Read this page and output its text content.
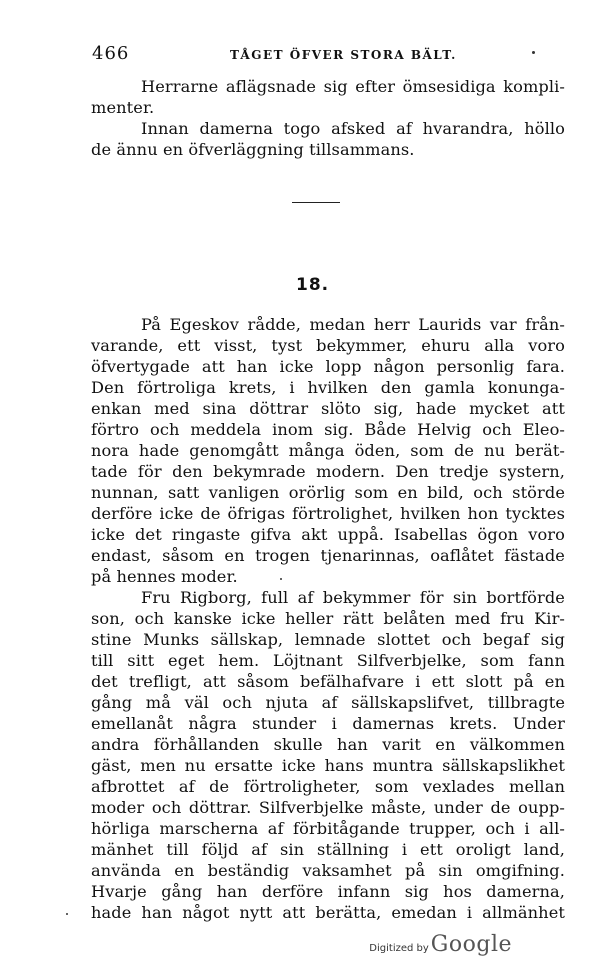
466	TÅGET ÖFVER STORA BÄLT.
Herrarne aflägsnade sig efter ömsesidiga kompli-
menter.
Innan damerna togo afsked af hvarandra, höllo
de ännu en öfverläggning tillsammans.
18.
På Egeskov rådde, medan herr Laurids var från-
varande, ett visst, tyst bekymmer, ehuru alla voro
öfvertygade att han icke lopp någon personlig fara.
Den förtroliga krets, i hvilken den gamla konunga-
enkan med sina döttrar slöto sig, hade mycket att
förtro och meddela inom sig. Både Helvig och Eleo-
nora hade genomgått många öden, som de nu berät-
tade för den bekymrade modern. Den tredje systern,
nunnan, satt vanligen orörlig som en bild, och störde
derföre icke de öfrigas förtrolighet, hvilken hon tycktes
icke det ringaste gifva akt uppå. Isabellas ögon voro
endast, såsom en trogen tjenarinnas, oaflåtet fästade
på hennes moder.
Fru Rigborg, full af bekymmer för sin bortförde
son, och kanske icke heller rätt belåten med fru Kir-
stine Munks sällskap, lemnade slottet och begaf sig
till sitt eget hem. Löjtnant Silfverbjelke, som fann
det trefligt, att såsom befälhafvare i ett slott på en
gång må väl och njuta af sällskapslifvet, tillbragte
emellanåt några stunder i damernas krets. Under
andra förhållanden skulle han varit en välkommen
gäst, men nu ersatte icke hans muntra sällskapslikhet
afbrottet af de förtroligheter, som vexlades mellan
moder och döttrar. Silfverbjelke måste, under de oupp-
hörliga marscherna af förbitågande trupper, och i all-
mänhet till följd af sin ställning i ett oroligt land,
använda en beständig vaksamhet på sin omgifning.
Hvarje gång han derföre infann sig hos damerna,
hade han något nytt att berätta, emedan i allmänhet
Digitized by Google
